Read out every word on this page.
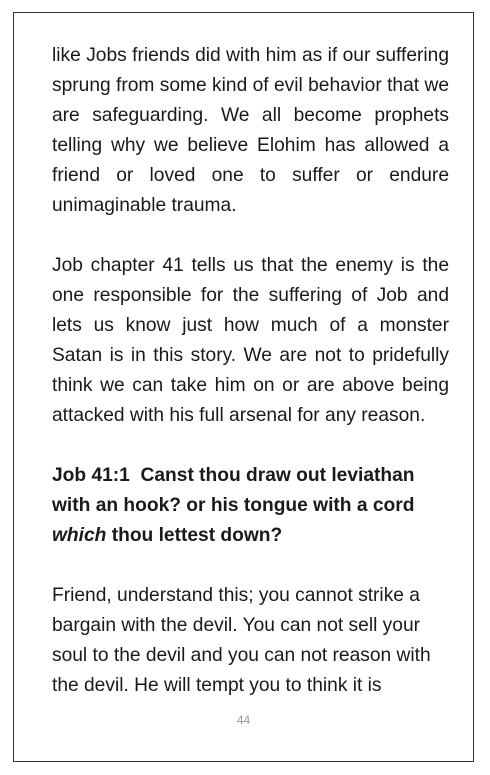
like Jobs friends did with him as if our suffering sprung from some kind of evil behavior that we are safeguarding. We all become prophets telling why we believe Elohim has allowed a friend or loved one to suffer or endure unimaginable trauma.

Job chapter 41 tells us that the enemy is the one responsible for the suffering of Job and lets us know just how much of a monster Satan is in this story. We are not to pridefully think we can take him on or are above being attacked with his full arsenal for any reason.

Job 41:1 Canst thou draw out leviathan
with an hook? or his tongue with a cord
which thou lettest down?

Friend, understand this; you cannot strike a bargain with the devil. You can not sell your soul to the devil and you can not reason with the devil. He will tempt you to think it is

44
